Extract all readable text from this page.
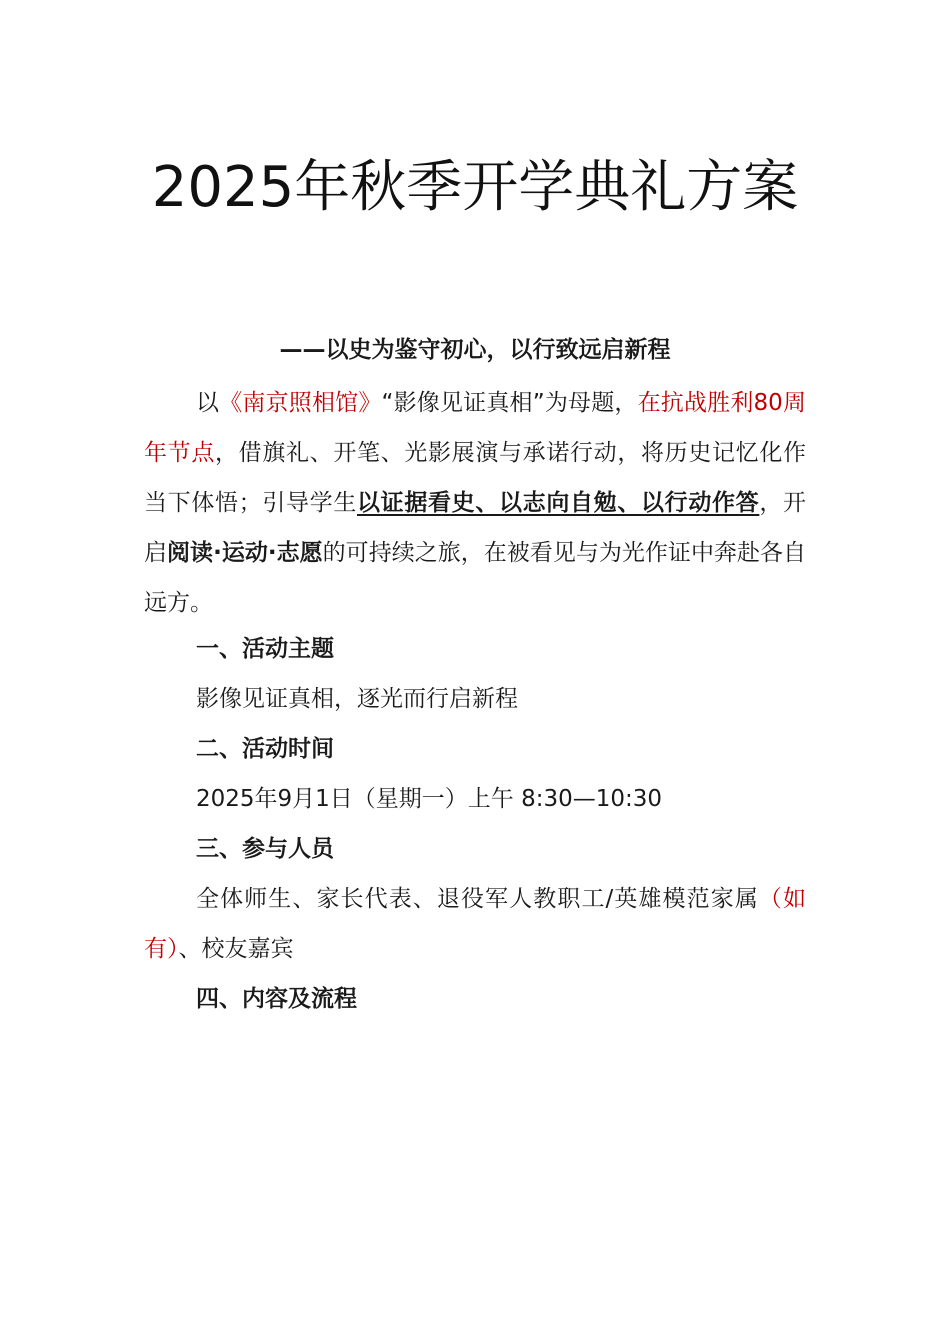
2025年秋季开学典礼方案
——以史为鉴守初心，以行致远启新程

以《南京照相馆》“影像见证真相”为母题，在抗战胜利80周年节点，借旗礼、开笔、光影展演与承诺行动，将历史记忆化作当下体悟；引导学生以证据看史、以志向自勉、以行动作答，开启阅读·运动·志愿的可持续之旅，在被看见与为光作证中奔赴各自远方。

一、活动主题

影像见证真相，逐光而行启新程

二、活动时间

2025年9月1日（星期一）上午 8:30—10:30

三、参与人员

全体师生、家长代表、退役军人教职工/英雄模范家属（如有）、校友嘉宾

四、内容及流程
